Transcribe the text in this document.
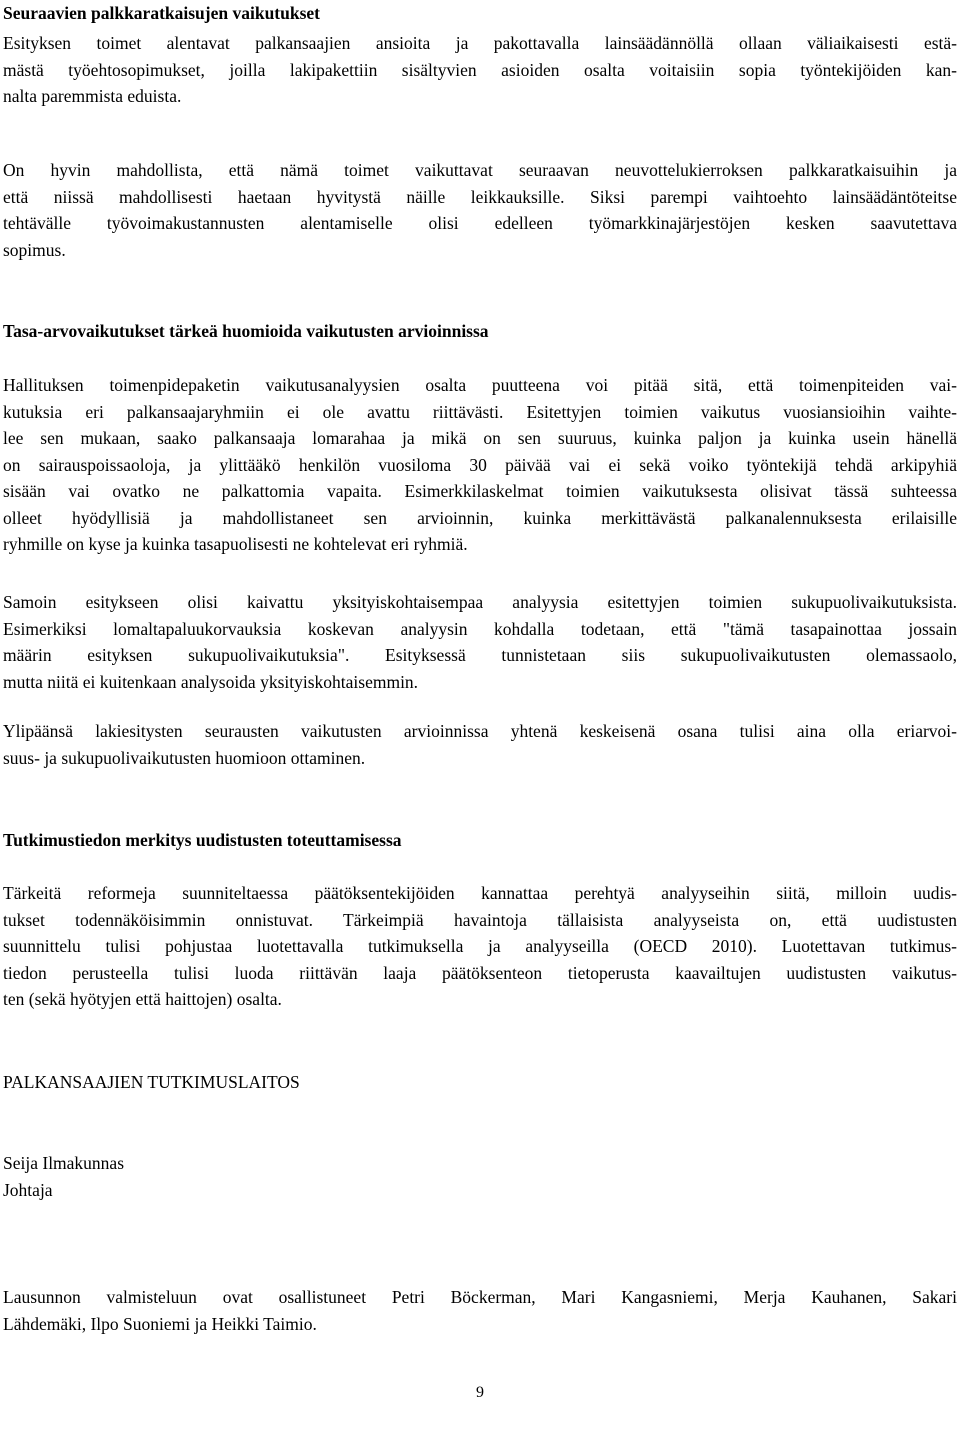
Seuraavien palkkaratkaisujen vaikutukset

Esityksen toimet alentavat palkansaajien ansioita ja pakottavalla lainsäädännöllä ollaan väliaikaisesti estä-
mästä työehtosopimukset, joilla lakipakettiin sisältyvien asioiden osalta voitaisiin sopia työntekijöiden kan-
nalta paremmista eduista.

On hyvin mahdollista, että nämä toimet vaikuttavat seuraavan neuvottelukierroksen palkkaratkaisuihin ja
että niissä mahdollisesti haetaan hyvitystä näille leikkauksille. Siksi parempi vaihtoehto lainsäädäntöteitse
tehtävälle työvoimakustannusten alentamiselle olisi edelleen työmarkkinajärjestöjen kesken saavutettava
sopimus.

Tasa-arvovaikutukset tärkeä huomioida vaikutusten arvioinnissa

Hallituksen toimenpidepaketin vaikutusanalyysien osalta puutteena voi pitää sitä, että toimenpiteiden vai-
kutuksia eri palkansaajaryhmiin ei ole avattu riittävästi. Esitettyjen toimien vaikutus vuosiansioihin vaihte-
lee sen mukaan, saako palkansaaja lomarahaa ja mikä on sen suuruus, kuinka paljon ja kuinka usein hänellä
on sairauspoissaoloja, ja ylittääkö henkilön vuosiloma 30 päivää vai ei sekä voiko työntekijä tehdä arkipyhiä
sisään vai ovatko ne palkattomia vapaita. Esimerkkilaskelmat toimien vaikutuksesta olisivat tässä suhteessa
olleet hyödyllisiä ja mahdollistaneet sen arvioinnin, kuinka merkittävästä palkanalennuksesta erilaisille
ryhmille on kyse ja kuinka tasapuolisesti ne kohtelevat eri ryhmiä.

Samoin esitykseen olisi kaivattu yksityiskohtaisempaa analyysia esitettyjen toimien sukupuolivaikutuksista.
Esimerkiksi lomaltapaluukorvauksia koskevan analyysin kohdalla todetaan, että "tämä tasapainottaa jossain
määrin esityksen sukupuolivaikutuksia". Esityksessä tunnistetaan siis sukupuolivaikutusten olemassaolo,
mutta niitä ei kuitenkaan analysoida yksityiskohtaisemmin.

Ylipäänsä lakiesitysten seurausten vaikutusten arvioinnissa yhtenä keskeisenä osana tulisi aina olla eriarvoi-
suus- ja sukupuolivaikutusten huomioon ottaminen.

Tutkimustiedon merkitys uudistusten toteuttamisessa

Tärkeitä reformeja suunniteltaessa päätöksentekijöiden kannattaa perehtyä analyyseihin siitä, milloin uudis-
tukset todennäköisimmin onnistuvat. Tärkeimpiä havaintoja tällaisista analyyseista on, että uudistusten
suunnittelu tulisi pohjustaa luotettavalla tutkimuksella ja analyyseilla (OECD 2010). Luotettavan tutkimus-
tiedon perusteella tulisi luoda riittävän laaja päätöksenteon tietoperusta kaavailtujen uudistusten vaikutus-
ten (sekä hyötyjen että haittojen) osalta.

PALKANSAAJIEN TUTKIMUSLAITOS

Seija Ilmakunnas

Johtaja

Lausunnon valmisteluun ovat osallistuneet Petri Böckerman, Mari Kangasniemi, Merja Kauhanen, Sakari
Lähdemäki, Ilpo Suoniemi ja Heikki Taimio.

9
